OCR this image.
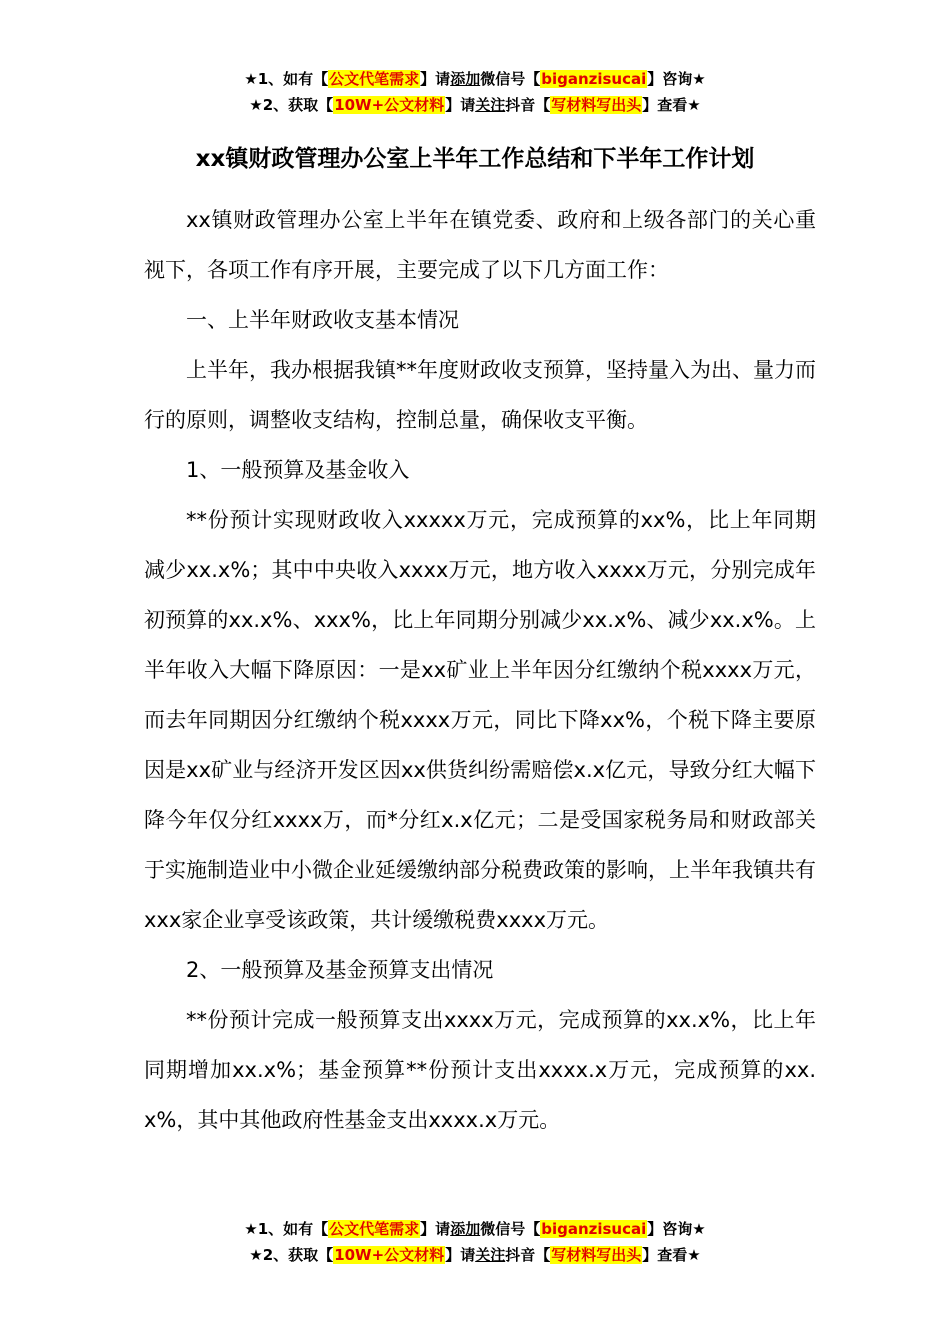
★1、如有【公文代笔需求】请添加微信号【biganzisucai】咨询★
★2、获取【10W+公文材料】请关注抖音【写材料写出头】查看★
xx镇财政管理办公室上半年工作总结和下半年工作计划

xx镇财政管理办公室上半年在镇党委、政府和上级各部门的关心重视下，各项工作有序开展，主要完成了以下几方面工作：

一、上半年财政收支基本情况

上半年，我办根据我镇**年度财政收支预算，坚持量入为出、量力而行的原则，调整收支结构，控制总量，确保收支平衡。

1、一般预算及基金收入

**份预计实现财政收入xxxxx万元，完成预算的xx%，比上年同期减少xx.x%；其中中央收入xxxx万元，地方收入xxxx万元，分别完成年初预算的xx.x%、xxx%，比上年同期分别减少xx.x%、减少xx.x%。上半年收入大幅下降原因：一是xx矿业上半年因分红缴纳个税xxxx万元，而去年同期因分红缴纳个税xxxx万元，同比下降xx%，个税下降主要原因是xx矿业与经济开发区因xx供货纠纷需赔偿x.x亿元，导致分红大幅下降今年仅分红xxxx万，而*分红x.x亿元；二是受国家税务局和财政部关于实施制造业中小微企业延缓缴纳部分税费政策的影响，上半年我镇共有xxx家企业享受该政策，共计缓缴税费xxxx万元。

2、一般预算及基金预算支出情况

**份预计完成一般预算支出xxxx万元，完成预算的xx.x%，比上年同期增加xx.x%；基金预算**份预计支出xxxx.x万元，完成预算的xx.x%，其中其他政府性基金支出xxxx.x万元。

★1、如有【公文代笔需求】请添加微信号【biganzisucai】咨询★
★2、获取【10W+公文材料】请关注抖音【写材料写出头】查看★
